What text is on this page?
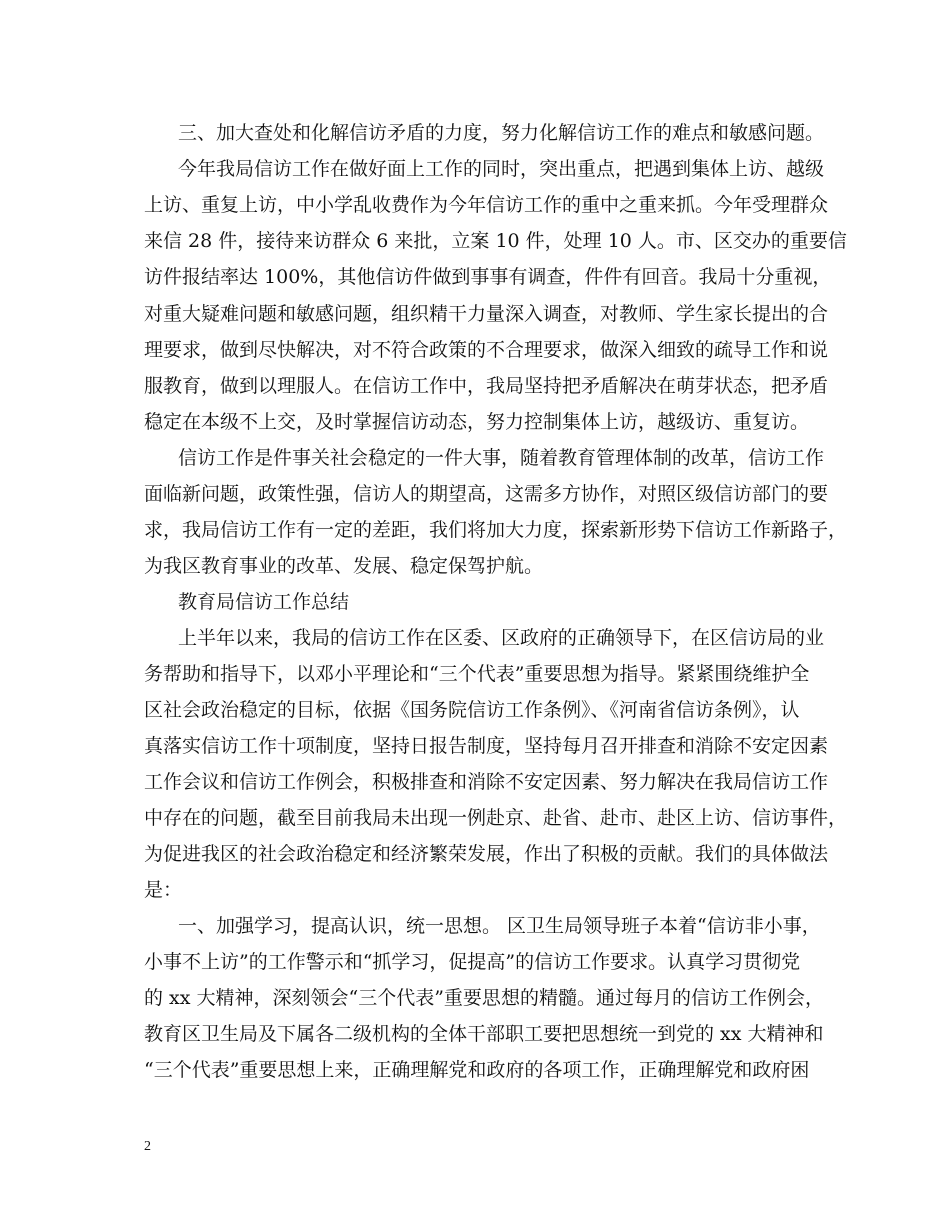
三、加大查处和化解信访矛盾的力度，努力化解信访工作的难点和敏感问题。
今年我局信访工作在做好面上工作的同时，突出重点，把遇到集体上访、越级
上访、重复上访，中小学乱收费作为今年信访工作的重中之重来抓。今年受理群众
来信 28 件，接待来访群众 6 来批，立案 10 件，处理 10 人。市、区交办的重要信
访件报结率达 100%，其他信访件做到事事有调查，件件有回音。我局十分重视，
对重大疑难问题和敏感问题，组织精干力量深入调查，对教师、学生家长提出的合
理要求，做到尽快解决，对不符合政策的不合理要求，做深入细致的疏导工作和说
服教育，做到以理服人。在信访工作中，我局坚持把矛盾解决在萌芽状态，把矛盾
稳定在本级不上交，及时掌握信访动态，努力控制集体上访，越级访、重复访。
信访工作是件事关社会稳定的一件大事，随着教育管理体制的改革，信访工作
面临新问题，政策性强，信访人的期望高，这需多方协作，对照区级信访部门的要
求，我局信访工作有一定的差距，我们将加大力度，探索新形势下信访工作新路子，
为我区教育事业的改革、发展、稳定保驾护航。
教育局信访工作总结
上半年以来，我局的信访工作在区委、区政府的正确领导下，在区信访局的业
务帮助和指导下，以邓小平理论和“三个代表”重要思想为指导。紧紧围绕维护全
区社会政治稳定的目标，依据《国务院信访工作条例》、《河南省信访条例》，认
真落实信访工作十项制度，坚持日报告制度，坚持每月召开排查和消除不安定因素
工作会议和信访工作例会，积极排查和消除不安定因素、努力解决在我局信访工作
中存在的问题，截至目前我局未出现一例赴京、赴省、赴市、赴区上访、信访事件，
为促进我区的社会政治稳定和经济繁荣发展，作出了积极的贡献。我们的具体做法
是：
一、加强学习，提高认识，统一思想。 区卫生局领导班子本着“信访非小事，
小事不上访”的工作警示和“抓学习，促提高”的信访工作要求。认真学习贯彻党
的 xx 大精神，深刻领会“三个代表”重要思想的精髓。通过每月的信访工作例会，
教育区卫生局及下属各二级机构的全体干部职工要把思想统一到党的 xx 大精神和
“三个代表”重要思想上来，正确理解党和政府的各项工作，正确理解党和政府困
2
